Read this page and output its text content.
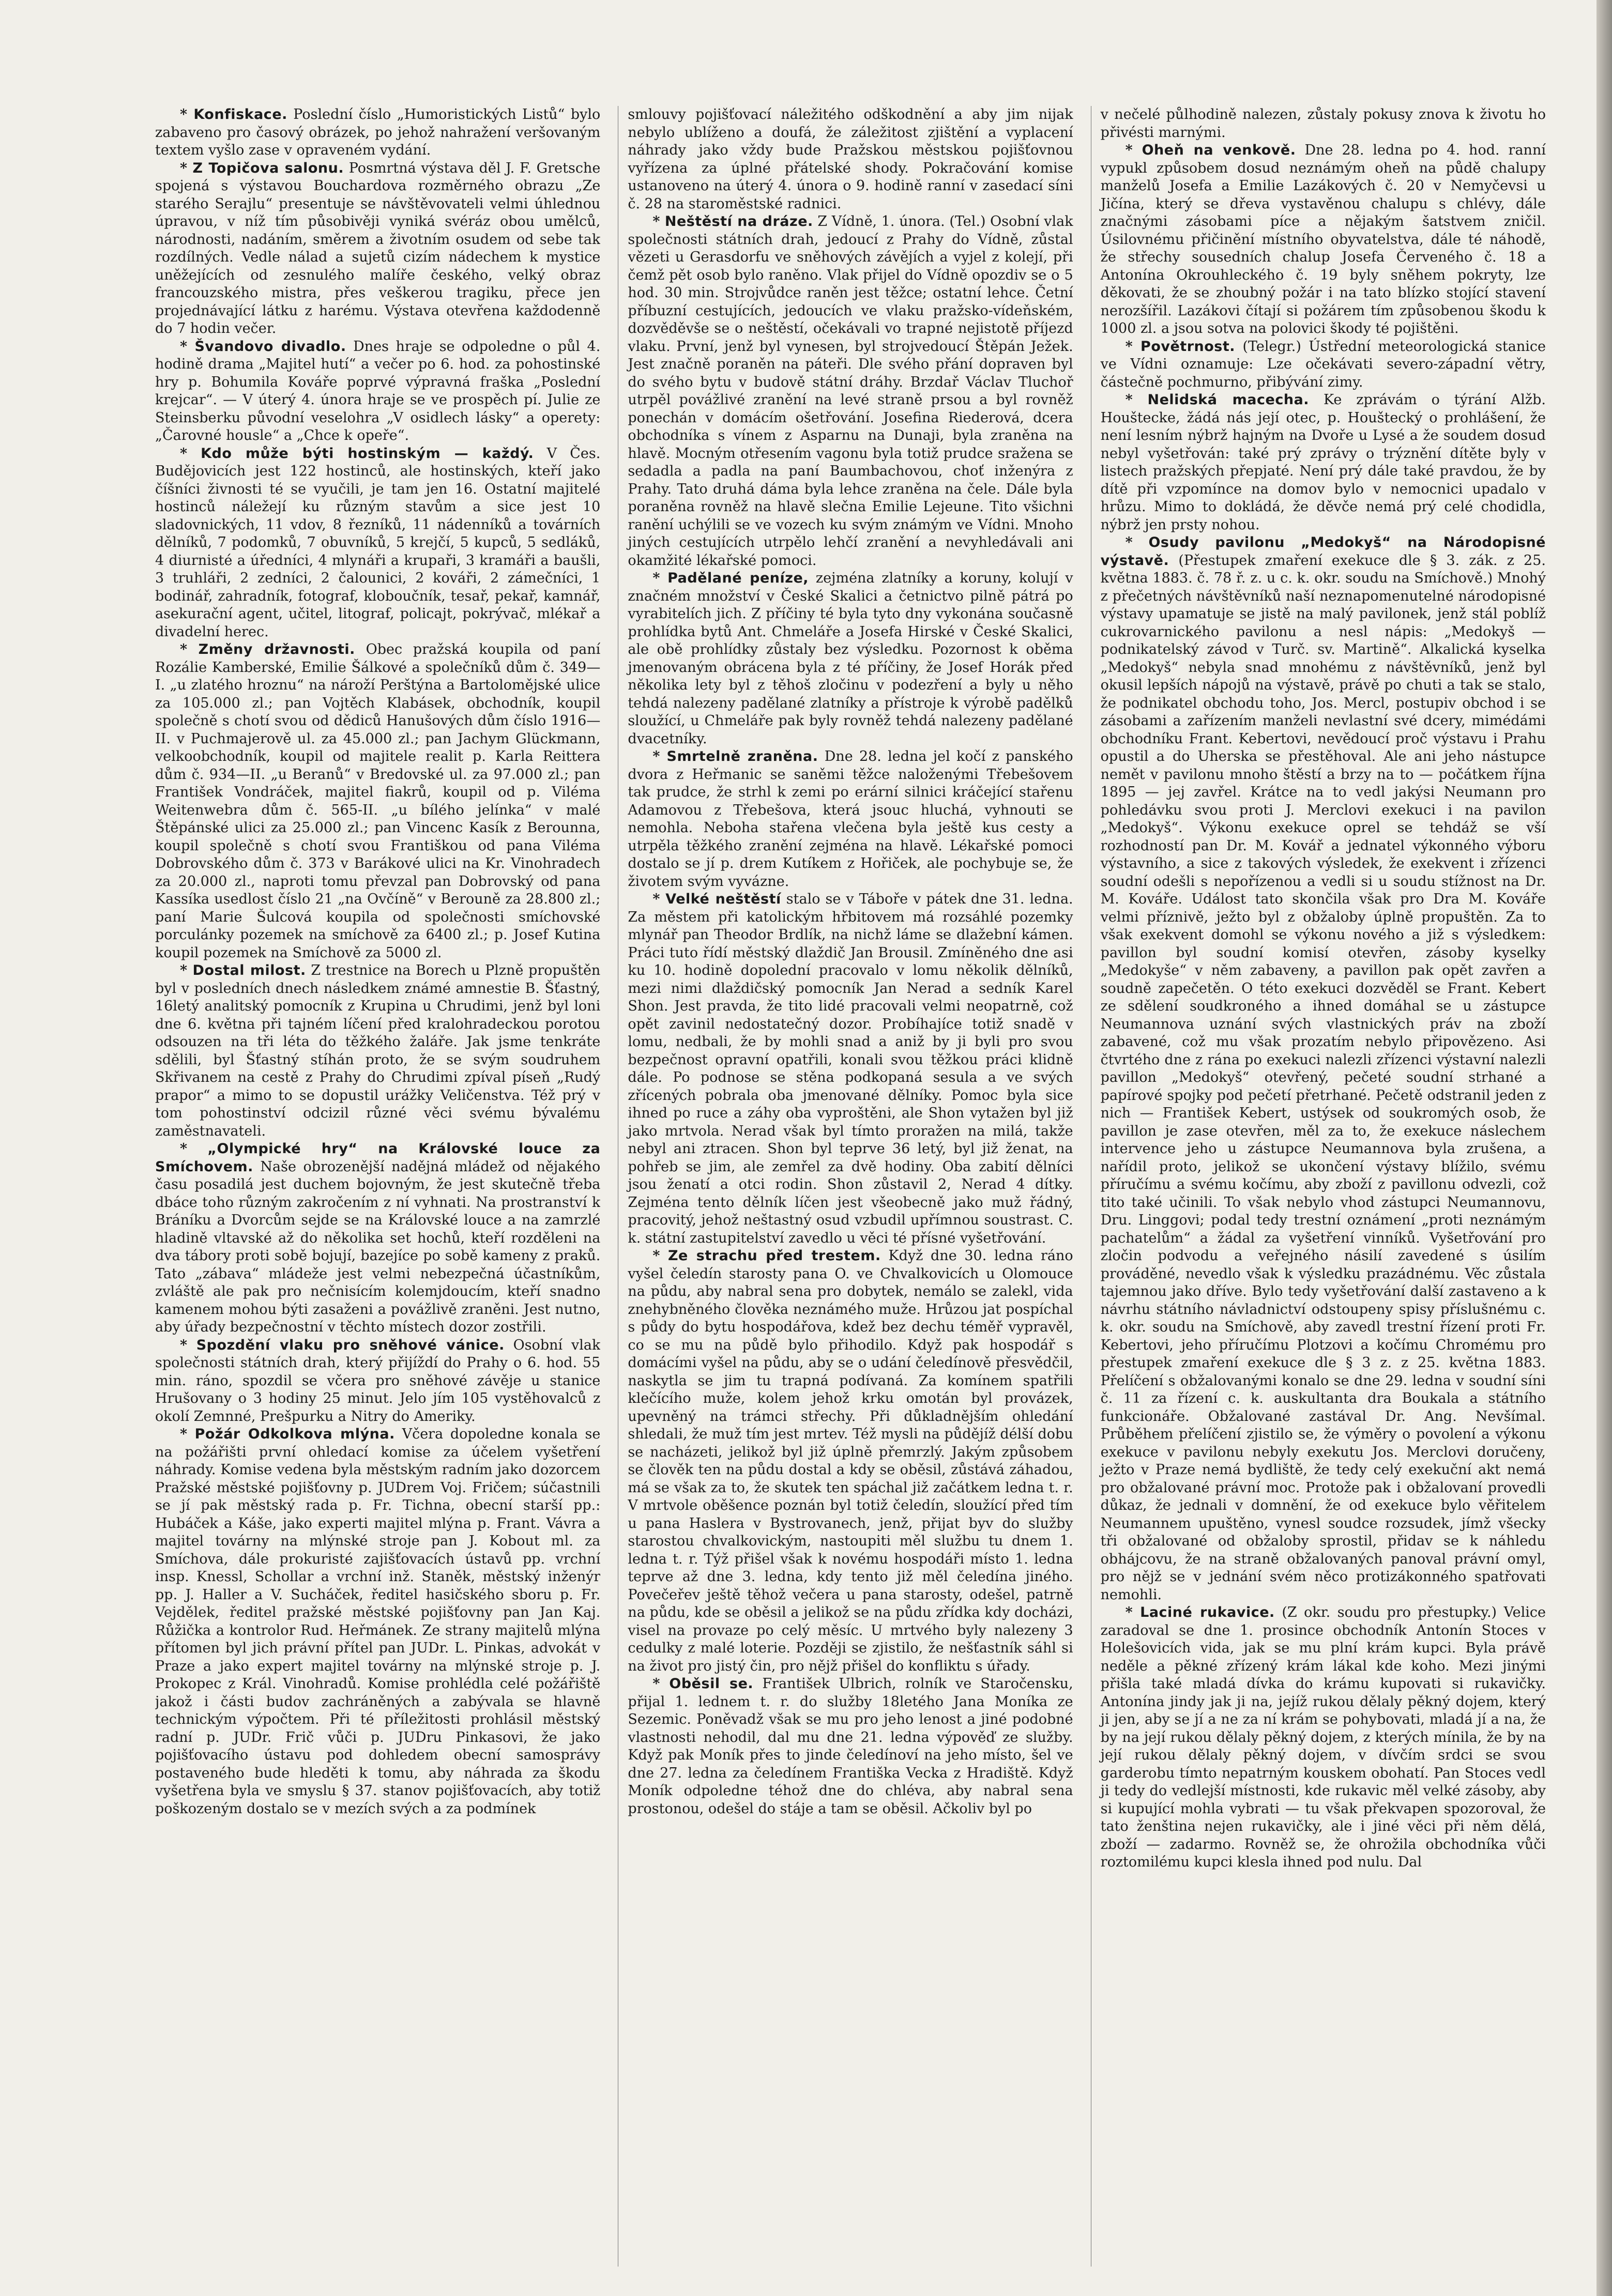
* Konfiskace. Poslední číslo „Humoristických Listů“ bylo zabaveno pro časový obrázek, po jehož nahražení veršovaným textem vyšlo zase v opraveném vydání.

* Z Topičova salonu. Posmrtná výstava děl J. F. Gretsche spojená s výstavou Bouchardova rozměrného obrazu „Ze starého Serajlu“ presentuje se návštěvovateli velmi úhlednou úpravou, v níž tím působivěji vyniká svéráz obou umělců, národnosti, nadáním, směrem a životním osudem od sebe tak rozdílných. Vedle nálad a sujetů cizím nádechem k mystice uněžejících od zesnulého malíře českého, velký obraz francouzského mistra, přes veškerou tragiku, přece jen projednávající látku z harému. Výstava otevřena každodenně do 7 hodin večer.

* Švandovo divadlo. Dnes hraje se odpoledne o půl 4. hodině drama „Majitel hutí“ a večer po 6. hod. za pohostinské hry p. Bohumila Kováře poprvé výpravná fraška „Poslední krejcar“. — V úterý 4. února hraje se ve prospěch pí. Julie ze Steinsberku původní veselohra „V osidlech lásky“ a operety: „Čarovné housle“ a „Chce k opeře“.

* Kdo může býti hostinským — každý. V Čes. Budějovicích jest 122 hostinců, ale hostinských, kteří jako číšníci živnosti té se vyučili, je tam jen 16. Ostatní majitelé hostinců náležejí ku různým stavům a sice jest 10 sladovnických, 11 vdov, 8 řezníků, 11 nádenníků a továrních dělníků, 7 podomků, 7 obuvníků, 5 krejčí, 5 kupců, 5 sedláků, 4 diurnisté a úředníci, 4 mlynáři a krupaři, 3 kramáři a baušli, 3 truhláři, 2 zedníci, 2 čalounici, 2 kováři, 2 zámečníci, 1 bodinář, zahradník, fotograf, kloboučník, tesař, pekař, kamnář, asekurační agent, učitel, litograf, policajt, pokrývač, mlékař a divadelní herec.

* Změny državnosti. Obec pražská koupila od paní Rozálie Kamberské, Emilie Šálkové a společníků dům č. 349—I. „u zlatého hroznu“ na nároží Perštýna a Bartolomějské ulice za 105.000 zl.; pan Vojtěch Klabásek, obchodník, koupil společně s chotí svou od dědiců Hanušových dům číslo 1916—II. v Puchmajerově ul. za 45.000 zl.; pan Jachym Glückmann, velkoobchodník, koupil od majitele realit p. Karla Reittera dům č. 934—II. „u Beranů“ v Bredovské ul. za 97.000 zl.; pan František Vondráček, majitel fiakrů, koupil od p. Viléma Weitenwebra dům č. 565-II. „u bílého jelínka“ v malé Štěpánské ulici za 25.000 zl.; pan Vincenc Kasík z Berounna, koupil společně s chotí svou Františkou od pana Viléma Dobrovského dům č. 373 v Barákové ulici na Kr. Vinohradech za 20.000 zl., naproti tomu převzal pan Dobrovský od pana Kassíka usedlost číslo 21 „na Ovčíně“ v Berouně za 28.800 zl.; paní Marie Šulcová koupila od společnosti smíchovské porculánky pozemek na smíchově za 6400 zl.; p. Josef Kutina koupil pozemek na Smíchově za 5000 zl.

* Dostal milost. Z trestnice na Borech u Plzně propuštěn byl v posledních dnech následkem známé amnestie B. Šťastný, 16letý analitský pomocník z Krupina u Chrudimi, jenž byl loni dne 6. května při tajném líčení před kralohradeckou porotou odsouzen na tři léta do těžkého žaláře. Jak jsme tenkráte sdělili, byl Šťastný stíhán proto, že se svým soudruhem Skřivanem na cestě z Prahy do Chrudimi zpíval píseň „Rudý prapor“ a mimo to se dopustil urážky Veličenstva. Též prý v tom pohostinství odcizil různé věci svému bývalému zaměstnavateli.

* „Olympické hry“ na Královské louce za Smíchovem. Naše obrozenější nadějná mládež od nějakého času posadilá jest duchem bojovným, že jest skutečně třeba dbáce toho různým zakročením z ní vyhnati. Na prostranství k Bráníku a Dvorcům sejde se na Královské louce a na zamrzlé hladině vltavské až do několika set hochů, kteří rozděleni na dva tábory proti sobě bojují, bazejíce po sobě kameny z praků. Tato „zábava“ mládeže jest velmi nebezpečná účastníkům, zvláště ale pak pro nečnisícím kolemjdoucím, kteří snadno kamenem mohou býti zasaženi a povážlivě zraněni. Jest nutno, aby úřady bezpečnostní v těchto místech dozor zostřili.

* Spozdění vlaku pro sněhové vánice. Osobní vlak společnosti státních drah, který přijíždí do Prahy o 6. hod. 55 min. ráno, spozdil se včera pro sněhové závěje u stanice Hrušovany o 3 hodiny 25 minut. Jelo jím 105 vystěhovalců z okolí Zemnné, Prešpurku a Nitry do Ameriky.

* Požár Odkolkova mlýna. Včera dopoledne konala se na požářišti první ohledací komise za účelem vyšetření náhrady. Komise vedena byla městským radním jako dozorcem Pražské městské pojišťovny p. JUDrem Voj. Fričem; súčastnili se jí pak městský rada p. Fr. Tichna, obecní starší pp.: Hubáček a Káše, jako experti majitel mlýna p. Frant. Vávra a majitel továrny na mlýnské stroje pan J. Kobout ml. za Smíchova, dále prokuristé zajišťovacích ústavů pp. vrchní insp. Knessl, Schollar a vrchní inž. Staněk, městský inženýr pp. J. Haller a V. Sucháček, ředitel hasičského sboru p. Fr. Vejdělek, ředitel pražské městské pojišťovny pan Jan Kaj. Růžička a kontrolor Rud. Heřmánek. Ze strany majitelů mlýna přítomen byl jich právní přítel pan JUDr. L. Pinkas, advokát v Praze a jako expert majitel továrny na mlýnské stroje p. J. Prokopec z Král. Vinohradů. Komise prohlédla celé požářiště jakož i části budov zachráněných a zabývala se hlavně technickým výpočtem. Při té příležitosti prohlásil městský radní p. JUDr. Frič vůči p. JUDru Pinkasovi, že jako pojišťovacího ústavu pod dohledem obecní samosprávy postaveného bude hleděti k tomu, aby náhrada za škodu vyšetřena byla ve smyslu § 37. stanov pojišťovacích, aby totiž poškozeným dostalo se v mezích svých a za podmínek

smlouvy pojišťovací náležitého odškodnění a aby jim nijak nebylo ublíženo a doufá, že záležitost zjištění a vyplacení náhrady jako vždy bude Pražskou městskou pojišťovnou vyřízena za úplné přátelské shody. Pokračování komise ustanoveno na úterý 4. února o 9. hodině ranní v zasedací síni č. 28 na staroměstské radnici.

* Neštěstí na dráze. Z Vídně, 1. února. (Tel.) Osobní vlak společnosti státních drah, jedoucí z Prahy do Vídně, zůstal vězeti u Gerasdorfu ve sněhových závějích a vyjel z kolejí, při čemž pět osob bylo raněno. Vlak přijel do Vídně opozdiv se o 5 hod. 30 min. Strojvůdce raněn jest těžce; ostatní lehce. Četní příbuzní cestujících, jedoucích ve vlaku pražsko-vídeňském, dozvěděvše se o neštěstí, očekávali vo trapné nejistotě příjezd vlaku. První, jenž byl vynesen, byl strojvedoucí Štěpán Ježek. Jest značně poraněn na páteři. Dle svého přání dopraven byl do svého bytu v budově státní dráhy. Brzdař Václav Tluchoř utrpěl povážlivé zranění na levé straně prsou a byl rovněž ponechán v domácím ošetřování. Josefina Riederová, dcera obchodníka s vínem z Asparnu na Dunaji, byla zraněna na hlavě. Mocným otřesením vagonu byla totiž prudce sražena se sedadla a padla na paní Baumbachovou, choť inženýra z Prahy. Tato druhá dáma byla lehce zraněna na čele. Dále byla poraněna rovněž na hlavě slečna Emilie Lejeune. Tito všichni ranění uchýlili se ve vozech ku svým známým ve Vídni. Mnoho jiných cestujících utrpělo lehčí zranění a nevyhledávali ani okamžité lékařské pomoci.

* Padělané peníze, zejména zlatníky a koruny, kolují v značném množství v České Skalici a četnictvo pilně pátrá po vyrabitelích jich. Z příčiny té byla tyto dny vykonána současně prohlídka bytů Ant. Chmeláře a Josefa Hirské v České Skalici, ale obě prohlídky zůstaly bez výsledku. Pozornost k oběma jmenovaným obrácena byla z té příčiny, že Josef Horák před několika lety byl z těhoš zločinu v podezření a byly u něho tehdá nalezeny padělané zlatníky a přístroje k výrobě padělků sloužící, u Chmeláře pak byly rovněž tehdá nalezeny padělané dvacetníky.

* Smrtelně zraněna. Dne 28. ledna jel kočí z panského dvora z Heřmanic se saněmi těžce naloženými Třebešovem tak prudce, že strhl k zemi po erární silnici kráčející stařenu Adamovou z Třebešova, která jsouc hluchá, vyhnouti se nemohla. Neboha stařena vlečena byla ještě kus cesty a utrpěla těžkého zranění zejména na hlavě. Lékařské pomoci dostalo se jí p. drem Kutíkem z Hořiček, ale pochybuje se, že životem svým vyvázne.

* Velké neštěstí stalo se v Táboře v pátek dne 31. ledna. Za městem při katolickým hřbitovem má rozsáhlé pozemky mlynář pan Theodor Brdlík, na nichž láme se dlažební kámen. Práci tuto řídí městský dlaždič Jan Brousil. Zmíněného dne asi ku 10. hodině dopolední pracovalo v lomu několik dělníků, mezi nimi dlaždičský pomocník Jan Nerad a sedník Karel Shon. Jest pravda, že tito lidé pracovali velmi neopatrně, což opět zavinil nedostatečný dozor. Probíhajíce totiž snadě v lomu, nedbali, že by mohli snad a aniž by ji byli pro svou bezpečnost opravní opatřili, konali svou těžkou práci klidně dále. Po podnose se stěna podkopaná sesula a ve svých zřícených pobrala oba jmenované dělníky. Pomoc byla sice ihned po ruce a záhy oba vyproštěni, ale Shon vytažen byl již jako mrtvola. Nerad však byl tímto proražen na milá, takže nebyl ani ztracen. Shon byl teprve 36 letý, byl již ženat, na pohřeb se jim, ale zemřel za dvě hodiny. Oba zabití dělníci jsou ženatí a otci rodin. Shon zůstavil 2, Nerad 4 dítky. Zejména tento dělník líčen jest všeobecně jako muž řádný, pracovitý, jehož neštastný osud vzbudil upřímnou soustrast. C. k. státní zastupitelství zavedlo u věci té přísné vyšetřování.

* Ze strachu před trestem. Když dne 30. ledna ráno vyšel čeledín starosty pana O. ve Chvalkovicích u Olomouce na půdu, aby nabral sena pro dobytek, nemálo se zalekl, vida znehybněného člověka neznámého muže. Hrůzou jat pospíchal s půdy do bytu hospodářova, kdež bez dechu téměř vypravěl, co se mu na půdě bylo přihodilo. Když pak hospodář s domácími vyšel na půdu, aby se o udání čeledínově přesvědčil, naskytla se jim tu trapná podívaná. Za komínem spatřili klečícího muže, kolem jehož krku omotán byl provázek, upevněný na trámci střechy. Při důkladnějším ohledání shledali, že muž tím jest mrtev. Též mysli na půdějíž délší dobu se nacházeti, jelikož byl již úplně přemrzlý. Jakým způsobem se člověk ten na půdu dostal a kdy se oběsil, zůstává záhadou, má se však za to, že skutek ten spáchal již začátkem ledna t. r. V mrtvole oběšence poznán byl totiž čeledín, sloužící před tím u pana Haslera v Bystrovanech, jenž, přijat byv do služby starostou chvalkovickým, nastoupiti měl službu tu dnem 1. ledna t. r. Týž přišel však k novému hospodáři místo 1. ledna teprve až dne 3. ledna, kdy tento již měl čeledína jiného. Povečeřev ještě těhož večera u pana starosty, odešel, patrně na půdu, kde se oběsil a jelikož se na půdu zřídka kdy docházi, visel na provaze po celý měsíc. U mrtvého byly nalezeny 3 cedulky z malé loterie. Později se zjistilo, že nešťastník sáhl si na život pro jistý čin, pro nějž přišel do konfliktu s úřady.

* Oběsil se. František Ulbrich, rolník ve Staročensku, přijal 1. lednem t. r. do služby 18letého Jana Moníka ze Sezemic. Poněvadž však se mu pro jeho lenost a jiné podobné vlastnosti nehodil, dal mu dne 21. ledna výpověď ze služby. Když pak Moník přes to jinde čeledínoví na jeho místo, šel ve dne 27. ledna za čeledínem Františka Vecka z Hradiště. Když Moník odpoledne téhož dne do chléva, aby nabral sena prostonou, odešel do stáje a tam se oběsil. Ačkoliv byl po

v nečelé půlhodině nalezen, zůstaly pokusy znova k životu ho přivésti marnými.

* Oheň na venkově. Dne 28. ledna po 4. hod. ranní vypukl způsobem dosud neznámým oheň na půdě chalupy manželů Josefa a Emilie Lazákových č. 20 v Nemyčevsi u Jičína, který se dřeva vystavěnou chalupu s chlévy, dále značnými zásobami píce a nějakým šatstvem zničil. Úsilovnému přičinění místního obyvatelstva, dále té náhodě, že střechy sousedních chalup Josefa Červeného č. 18 a Antonína Okrouhleckého č. 19 byly sněhem pokryty, lze děkovati, že se zhoubný požár i na tato blízko stojící stavení nerozšířil. Lazákovi čítají si požárem tím způsobenou škodu k 1000 zl. a jsou sotva na polovici škody té pojištěni.

* Povětrnost. (Telegr.) Ústřední meteorologická stanice ve Vídni oznamuje: Lze očekávati severo-západní větry, částečně pochmurno, přibývání zimy.

* Nelidská macecha. Ke zprávám o týrání Alžb. Houštecke, žádá nás její otec, p. Houštecký o prohlášení, že není lesním nýbrž hajným na Dvoře u Lysé a že soudem dosud nebyl vyšetřován: také prý zprávy o trýznění dítěte byly v listech pražských přepjaté. Není prý dále také pravdou, že by dítě při vzpomínce na domov bylo v nemocnici upadalo v hrůzu. Mimo to dokládá, že děvče nemá prý celé chodidla, nýbrž jen prsty nohou.

* Osudy pavilonu „Medokyš“ na Národopisné výstavě. (Přestupek zmaření exekuce dle § 3. zák. z 25. května 1883. č. 78 ř. z. u c. k. okr. soudu na Smíchově.) Mnohý z přečetných návštěvníků naší neznapomenutelné národopisné výstavy upamatuje se jistě na malý pavilonek, jenž stál poblíž cukrovarnického pavilonu a nesl nápis: „Medokyš — podnikatelský závod v Turč. sv. Martině“. Alkalická kyselka „Medokyš“ nebyla snad mnohému z návštěvníků, jenž byl okusil lepších nápojů na výstavě, právě po chuti a tak se stalo, že podnikatel obchodu toho, Jos. Mercl, postupiv obchod i se zásobami a zařízením manželi nevlastní své dcery, mimédámi obchodníku Frant. Kebertovi, nevědoucí proč výstavu i Prahu opustil a do Uherska se přestěhoval. Ale ani jeho nástupce nemět v pavilonu mnoho štěstí a brzy na to — počátkem října 1895 — jej zavřel. Krátce na to vedl jakýsi Neumann pro pohledávku svou proti J. Merclovi exekuci i na pavilon „Medokyš“. Výkonu exekuce oprel se tehdáž se vší rozhodností pan Dr. M. Kovář a jednatel výkonného výboru výstavního, a sice z takových výsledek, že exekvent i zřízenci soudní odešli s nepořízenou a vedli si u soudu stížnost na Dr. M. Kováře. Událost tato skončila však pro Dra M. Kováře velmi příznivě, ježto byl z obžaloby úplně propuštěn. Za to však exekvent domohl se výkonu nového a již s výsledkem: pavillon byl soudní komisí otevřen, zásoby kyselky „Medokyše“ v něm zabaveny, a pavillon pak opět zavřen a soudně zapečetěn. O této exekuci dozvěděl se Frant. Kebert ze sdělení soudkroného a ihned domáhal se u zástupce Neumannova uznání svých vlastnických práv na zboží zabavené, což mu však prozatím nebylo připovězeno. Asi čtvrtého dne z rána po exekuci nalezli zřízenci výstavní nalezli pavillon „Medokyš“ otevřený, pečeté soudní strhané a papírové spojky pod pečetí přetrhané. Pečetě odstranil jeden z nich — František Kebert, ustýsek od soukromých osob, že pavillon je zase otevřen, měl za to, že exekuce náslechem intervence jeho u zástupce Neumannova byla zrušena, a nařídil proto, jelikož se ukončení výstavy blížilo, svému příručímu a svému kočímu, aby zboží z pavillonu odvezli, což tito také učinili. To však nebylo vhod zástupci Neumannovu, Dru. Linggovi; podal tedy trestní oznámení „proti neznámým pachatelům“ a žádal za vyšetření vinníků. Vyšetřování pro zločin podvodu a veřejného násilí zavedené s úsilím prováděné, nevedlo však k výsledku prazádnému. Věc zůstala tajemnou jako dříve. Bylo tedy vyšetřování další zastaveno a k návrhu státního návladnictví odstoupeny spisy příslušnému c. k. okr. soudu na Smíchově, aby zavedl trestní řízení proti Fr. Kebertovi, jeho příručímu Plotzovi a kočímu Chromému pro přestupek zmaření exekuce dle § 3 z. z 25. května 1883. Přelíčení s obžalovanými konalo se dne 29. ledna v soudní síni č. 11 za řízení c. k. auskultanta dra Boukala a státního funkcionáře. Obžalované zastával Dr. Ang. Nevšímal. Průběhem přelíčení zjistilo se, že výměry o povolení a výkonu exekuce v pavilonu nebyly exekutu Jos. Merclovi doručeny, ježto v Praze nemá bydliště, že tedy celý exekuční akt nemá pro obžalované právní moc. Protože pak i obžalovaní provedli důkaz, že jednali v domnění, že od exekuce bylo věřitelem Neumannem upuštěno, vynesl soudce rozsudek, jímž všecky tři obžalované od obžaloby sprostil, přidav se k náhledu obhájcovu, že na straně obžalovaných panoval právní omyl, pro nějž se v jednání svém něco protizákonného spatřovati nemohli.

* Laciné rukavice. (Z okr. soudu pro přestupky.) Velice zaradoval se dne 1. prosince obchodník Antonín Stoces v Holešovicích vida, jak se mu plní krám kupci. Byla právě neděle a pěkné zřízený krám lákal kde koho. Mezi jinými přišla také mladá dívka do krámu kupovati si rukavičky. Antonína jindy jak ji na, jejíž rukou dělaly pěkný dojem, který ji jen, aby se jí a ne za ní krám se pohybovati, mladá jí a na, že by na její rukou dělaly pěkný dojem, z kterých mínila, že by na její rukou dělaly pěkný dojem, v dívčím srdci se svou garderobu tímto nepatrným kouskem obohatí. Pan Stoces vedl ji tedy do vedlejší místnosti, kde rukavic měl velké zásoby, aby si kupující mohla vybrati — tu však překvapen spozoroval, že tato ženština nejen rukavičky, ale i jiné věci při něm dělá, zboží — zadarmo. Rovněž se, že ohrožila obchodníka vůči roztomilému kupci klesla ihned pod nulu. Dal
